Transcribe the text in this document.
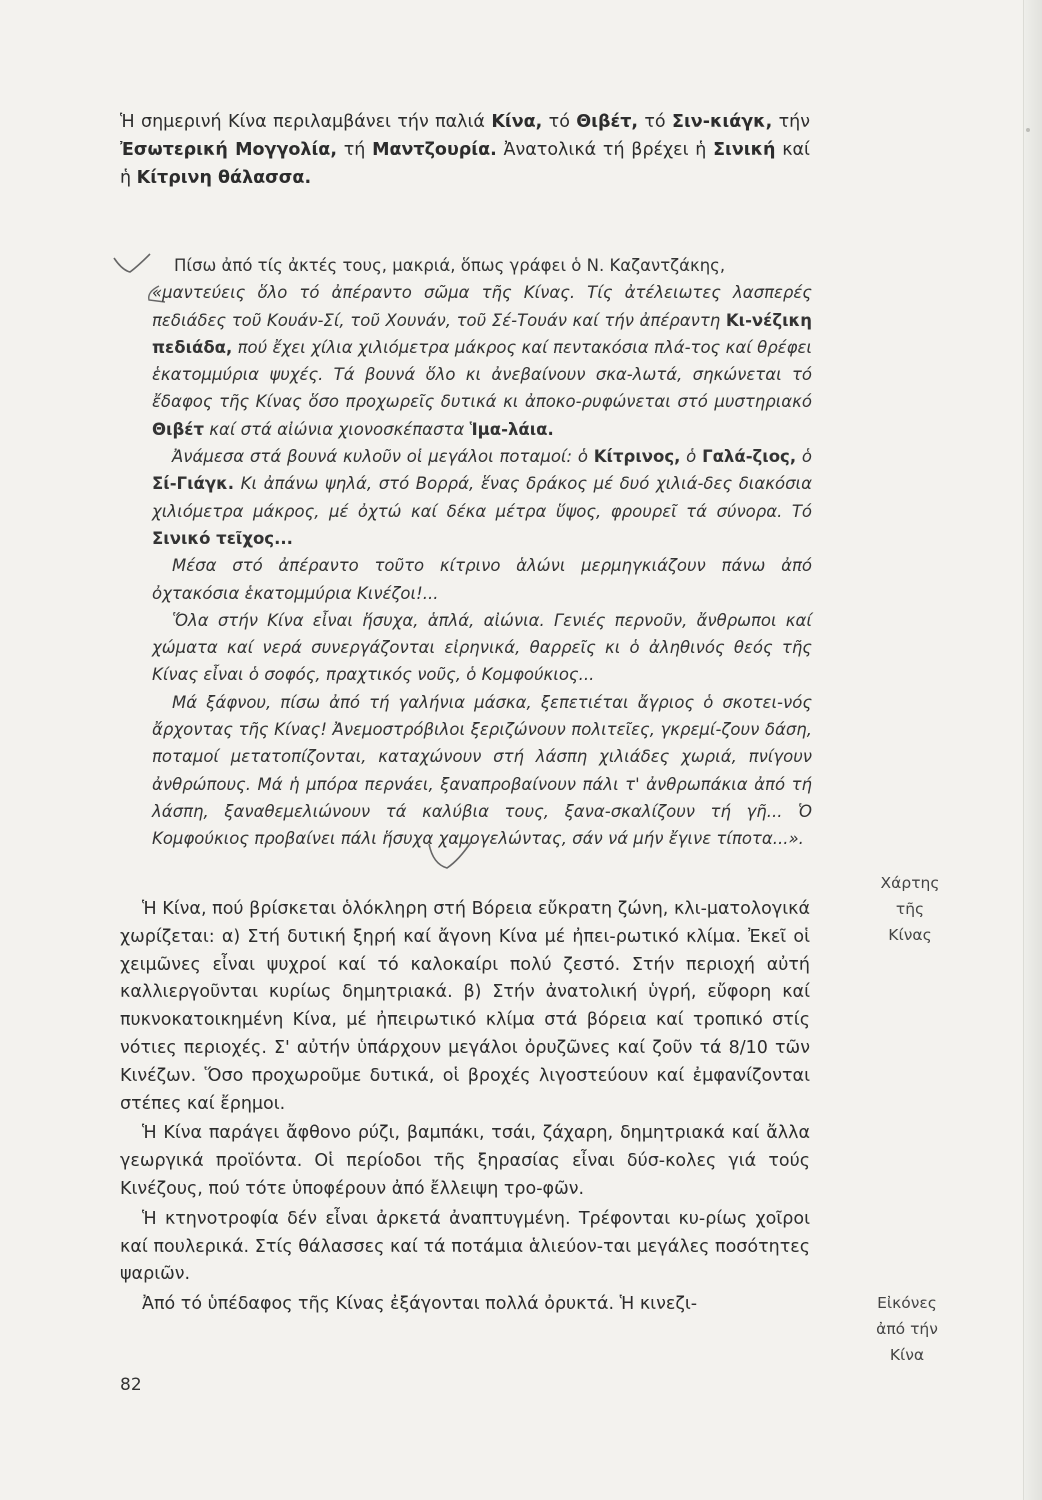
Ἡ σημερινή Κίνα περιλαμβάνει τήν παλιά Κίνα, τό Θιβέτ, τό Σιν-κιάγκ, τήν Ἐσωτερική Μογγολία, τή Μαντζουρία. Ἀνατολικά τή βρέχει ἡ Σινική καί ἡ Κίτρινη θάλασσα.

Πίσω ἀπό τίς ἀκτές τους, μακριά, ὅπως γράφει ὁ Ν. Καζαντζάκης,

«μαντεύεις ὅλο τό ἀπέραντο σῶμα τῆς Κίνας. Τίς ἀτέλειωτες λασπερές πεδιάδες τοῦ Κουάν-Σί, τοῦ Χουνάν, τοῦ Σέ-Τουάν καί τήν ἀπέραντη Κι-νέζικη πεδιάδα, πού ἔχει χίλια χιλιόμετρα μάκρος καί πεντακόσια πλά-τος καί θρέφει ἑκατομμύρια ψυχές. Τά βουνά ὅλο κι ἀνεβαίνουν σκα-λωτά, σηκώνεται τό ἔδαφος τῆς Κίνας ὅσο προχωρεῖς δυτικά κι ἀποκο-ρυφώνεται στό μυστηριακό Θιβέτ καί στά αἰώνια χιονοσκέπαστα Ἱμα-λάια.

Ἀνάμεσα στά βουνά κυλοῦν οἱ μεγάλοι ποταμοί: ὁ Κίτρινος, ὁ Γαλά-ζιος, ὁ Σί-Γιάγκ. Κι ἀπάνω ψηλά, στό Βορρά, ἕνας δράκος μέ δυό χιλιά-δες διακόσια χιλιόμετρα μάκρος, μέ ὀχτώ καί δέκα μέτρα ὕψος, φρουρεῖ τά σύνορα. Τό Σινικό τεῖχος...

Μέσα στό ἀπέραντο τοῦτο κίτρινο ἁλώνι μερμηγκιάζουν πάνω ἀπό ὀχτακόσια ἑκατομμύρια Κινέζοι!...

Ὅλα στήν Κίνα εἶναι ἥσυχα, ἁπλά, αἰώνια. Γενιές περνοῦν, ἄνθρωποι καί χώματα καί νερά συνεργάζονται εἰρηνικά, θαρρεῖς κι ὁ ἀληθινός θεός τῆς Κίνας εἶναι ὁ σοφός, πραχτικός νοῦς, ὁ Κομφούκιος...

Μά ξάφνου, πίσω ἀπό τή γαλήνια μάσκα, ξεπετιέται ἄγριος ὁ σκοτει-νός ἄρχοντας τῆς Κίνας! Ἀνεμοστρόβιλοι ξεριζώνουν πολιτεῖες, γκρεμί-ζουν δάση, ποταμοί μετατοπίζονται, καταχώνουν στή λάσπη χιλιάδες χωριά, πνίγουν ἀνθρώπους. Μά ἡ μπόρα περνάει, ξαναπροβαίνουν πάλι τ' ἀνθρωπάκια ἀπό τή λάσπη, ξαναθεμελιώνουν τά καλύβια τους, ξανα-σκαλίζουν τή γῆ... Ὁ Κομφούκιος προβαίνει πάλι ἥσυχα χαμογελώντας, σάν νά μήν ἔγινε τίποτα...».

Ἡ Κίνα, πού βρίσκεται ὁλόκληρη στή Βόρεια εὔκρατη ζώνη, κλι-ματολογικά χωρίζεται: α) Στή δυτική ξηρή καί ἄγονη Κίνα μέ ἠπει-ρωτικό κλίμα. Ἐκεῖ οἱ χειμῶνες εἶναι ψυχροί καί τό καλοκαίρι πολύ ζεστό. Στήν περιοχή αὐτή καλλιεργοῦνται κυρίως δημητριακά. β) Στήν ἀνατολική ὑγρή, εὔφορη καί πυκνοκατοικημένη Κίνα, μέ ἠπειρωτικό κλίμα στά βόρεια καί τροπικό στίς νότιες περιοχές. Σ' αὐτήν ὑπάρχουν μεγάλοι ὀρυζῶνες καί ζοῦν τά 8/10 τῶν Κινέζων. Ὅσο προχωροῦμε δυτικά, οἱ βροχές λιγοστεύουν καί ἐμφανίζονται στέπες καί ἔρημοι.

Ἡ Κίνα παράγει ἄφθονο ρύζι, βαμπάκι, τσάι, ζάχαρη, δημητριακά καί ἄλλα γεωργικά προϊόντα. Οἱ περίοδοι τῆς ξηρασίας εἶναι δύσ-κολες γιά τούς Κινέζους, πού τότε ὑποφέρουν ἀπό ἔλλειψη τρο-φῶν.

Ἡ κτηνοτροφία δέν εἶναι ἀρκετά ἀναπτυγμένη. Τρέφονται κυ-ρίως χοῖροι καί πουλερικά. Στίς θάλασσες καί τά ποτάμια ἁλιεύον-ται μεγάλες ποσότητες ψαριῶν.

Ἀπό τό ὑπέδαφος τῆς Κίνας ἐξάγονται πολλά ὀρυκτά. Ἡ κινεζι-

Χάρτης
τῆς
Κίνας
Εἰκόνες
ἀπό τήν
Κίνα
82
